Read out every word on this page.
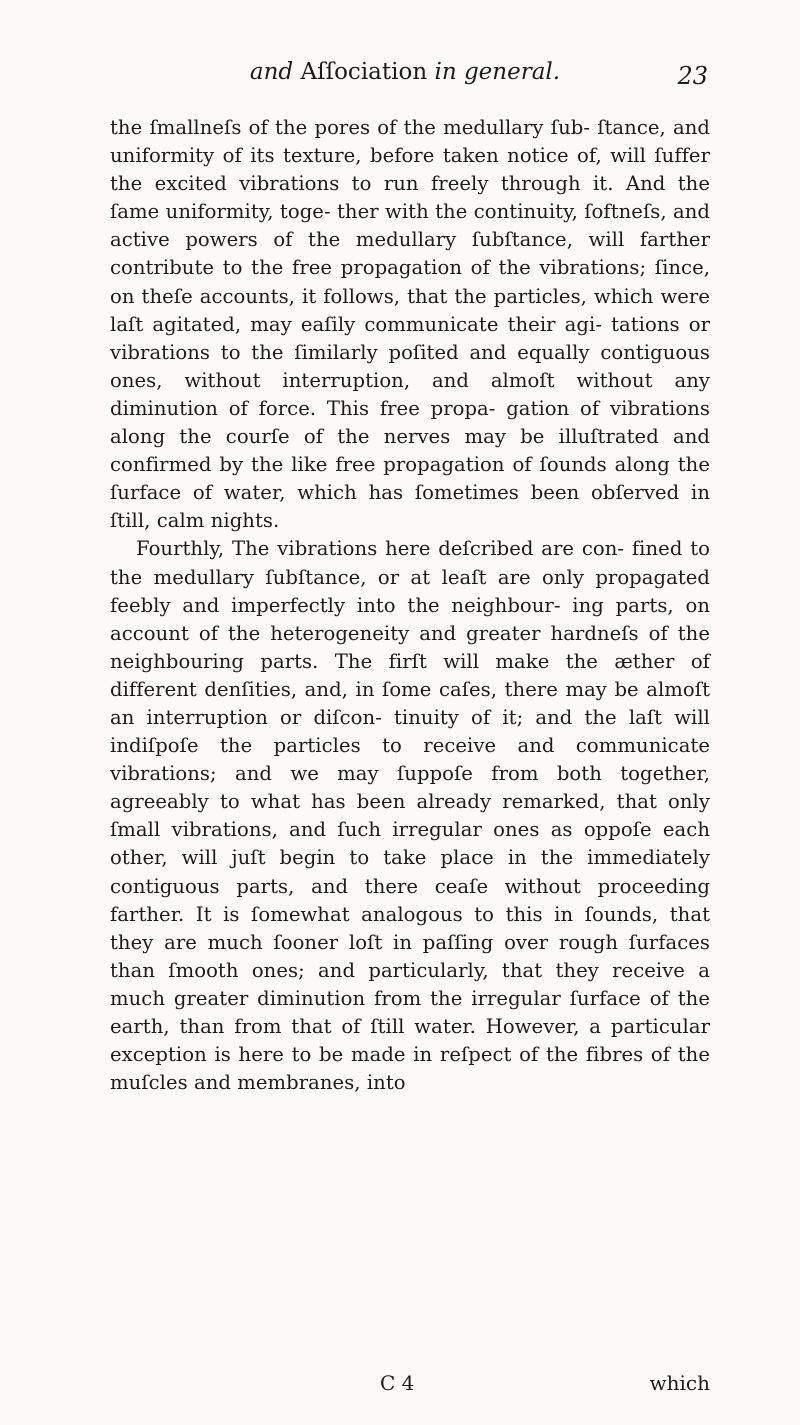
and Aſſociation in general.	23

the ſmallneſs of the pores of the medullary ſub- ſtance, and uniformity of its texture, before taken notice of, will ſuffer the excited vibrations to run freely through it. And the ſame uniformity, toge- ther with the continuity, ſoftneſs, and active powers of the medullary ſubſtance, will farther contribute to the free propagation of the vibrations; ſince, on theſe accounts, it follows, that the particles, which were laſt agitated, may eaſily communicate their agi- tations or vibrations to the ſimilarly poſited and equally contiguous ones, without interruption, and almoſt without any diminution of force. This free propa- gation of vibrations along the courſe of the nerves may be illuſtrated and confirmed by the like free propagation of ſounds along the ſurface of water, which has ſometimes been obſerved in ſtill, calm nights.

Fourthly, The vibrations here deſcribed are con- fined to the medullary ſubſtance, or at leaſt are only propagated feebly and imperfectly into the neighbour- ing parts, on account of the heterogeneity and greater hardneſs of the neighbouring parts. The firſt will make the æther of different denſities, and, in ſome caſes, there may be almoſt an interruption or diſcon- tinuity of it; and the laſt will indiſpoſe the particles to receive and communicate vibrations; and we may ſuppoſe from both together, agreeably to what has been already remarked, that only ſmall vibrations, and ſuch irregular ones as oppoſe each other, will juſt begin to take place in the immediately contiguous parts, and there ceaſe without proceeding farther. It is ſomewhat analogous to this in ſounds, that they are much ſooner loſt in paſſing over rough ſurfaces than ſmooth ones; and particularly, that they receive a much greater diminution from the irregular ſurface of the earth, than from that of ſtill water. However, a particular exception is here to be made in reſpect of the fibres of the muſcles and membranes, into

C 4	which
